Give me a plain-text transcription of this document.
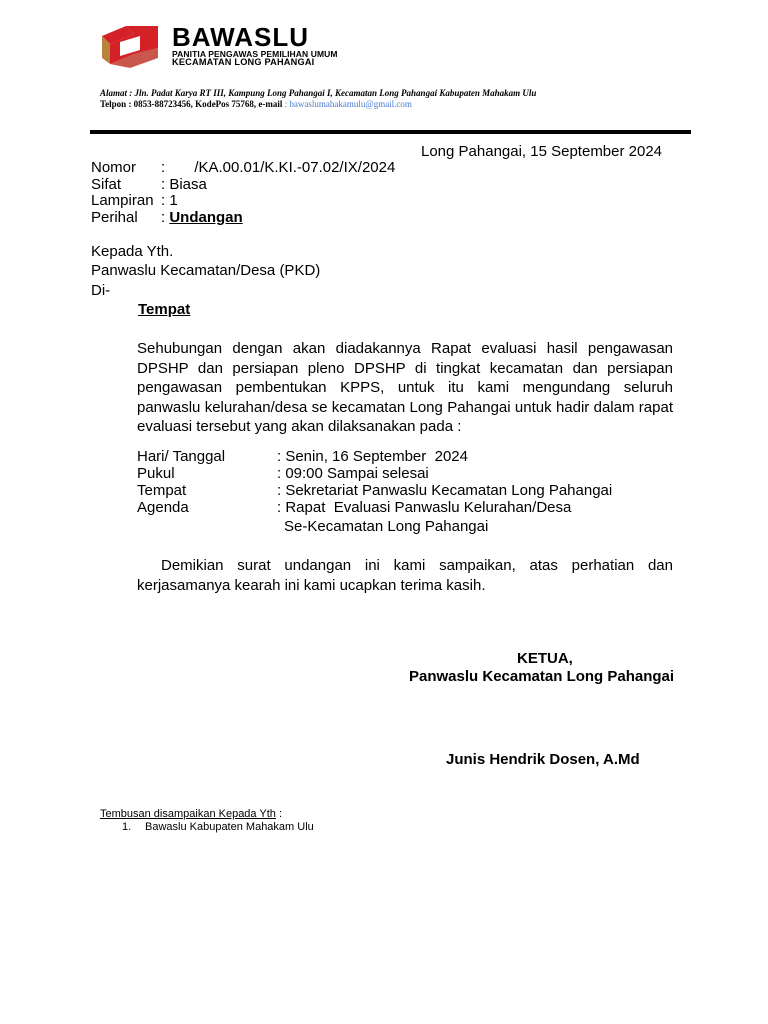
BAWASLU
PANITIA PENGAWAS PEMILIHAN UMUM
KECAMATAN LONG PAHANGAI
Alamat : Jln. Padat Karya RT III, Kampung Long Pahangai I, Kecamatan Long Pahangai Kabupaten Mahakam Ulu
Telpon : 0853-88723456, KodePos 75768, e-mail : bawaslumahakamulu@gmail.com
Long Pahangai, 15 September 2024
Nomor :       /KA.00.01/K.KI.-07.02/IX/2024
Sifat	: Biasa
Lampiran : 1
Perihal : Undangan
Kepada Yth.
Panwaslu Kecamatan/Desa (PKD)
Di-
Tempat
Sehubungan dengan akan diadakannya Rapat evaluasi hasil pengawasan DPSHP dan persiapan pleno DPSHP di tingkat kecamatan dan persiapan pengawasan pembentukan KPPS, untuk itu kami mengundang seluruh panwaslu kelurahan/desa se kecamatan Long Pahangai untuk hadir dalam rapat evaluasi tersebut yang akan dilaksanakan pada :
Hari/ Tanggal	: Senin, 16 September  2024
Pukul	: 09:00 Sampai selesai
Tempat	: Sekretariat Panwaslu Kecamatan Long Pahangai
Agenda	: Rapat  Evaluasi Panwaslu Kelurahan/Desa
Se-Kecamatan Long Pahangai
Demikian surat undangan ini kami sampaikan, atas perhatian dan kerjasamanya kearah ini kami ucapkan terima kasih.
KETUA,
Panwaslu Kecamatan Long Pahangai
Junis Hendrik Dosen, A.Md
Tembusan disampaikan Kepada Yth :
1. Bawaslu Kabupaten Mahakam Ulu
